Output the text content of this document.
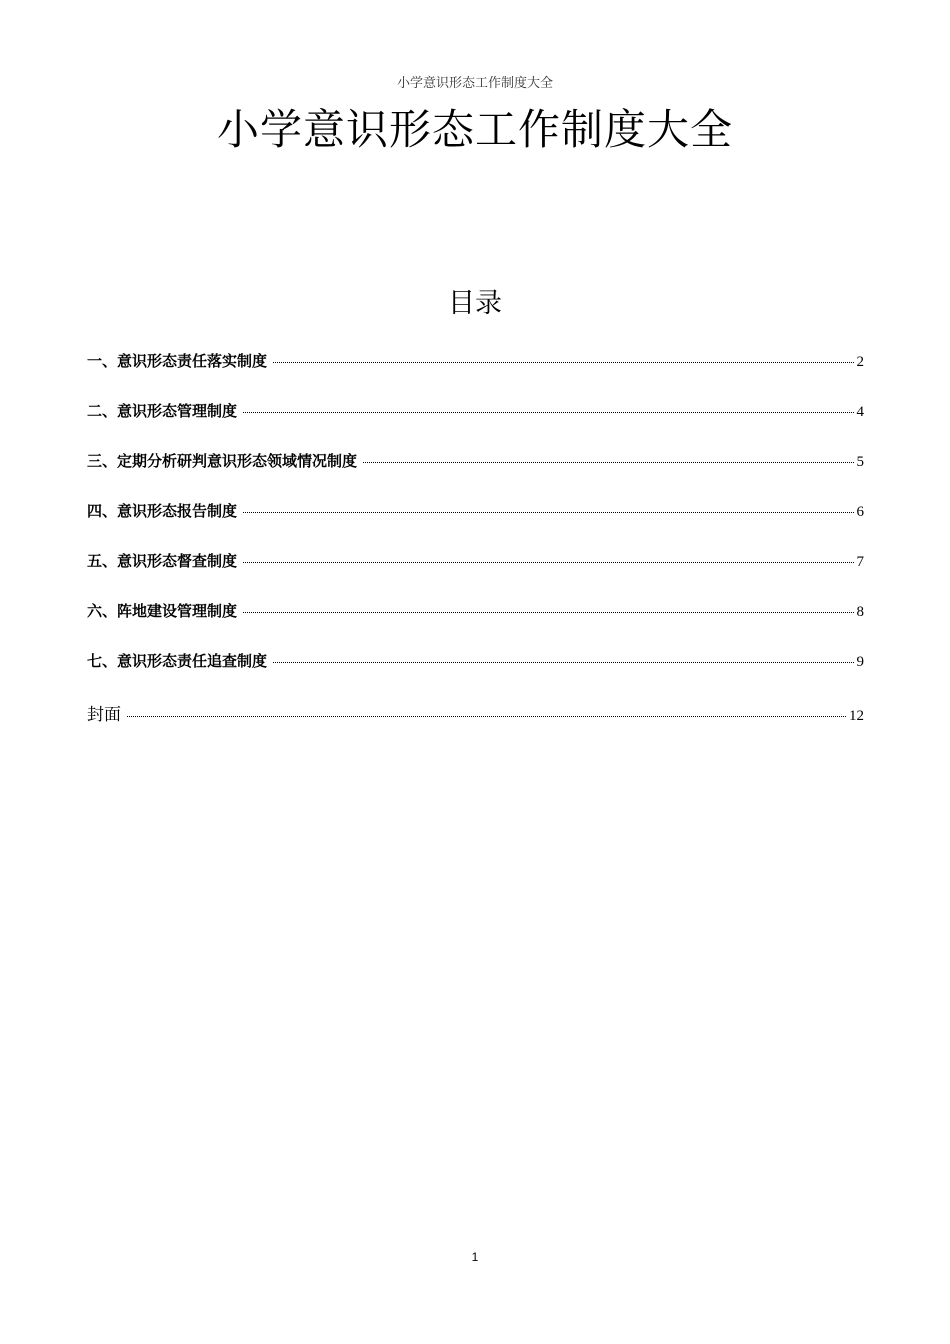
小学意识形态工作制度大全
小学意识形态工作制度大全
目录
一、意识形态责任落实制度	2
二、意识形态管理制度	4
三、定期分析研判意识形态领域情况制度	5
四、意识形态报告制度	6
五、意识形态督查制度	7
六、阵地建设管理制度	8
七、意识形态责任追查制度	9
封面	12
1
